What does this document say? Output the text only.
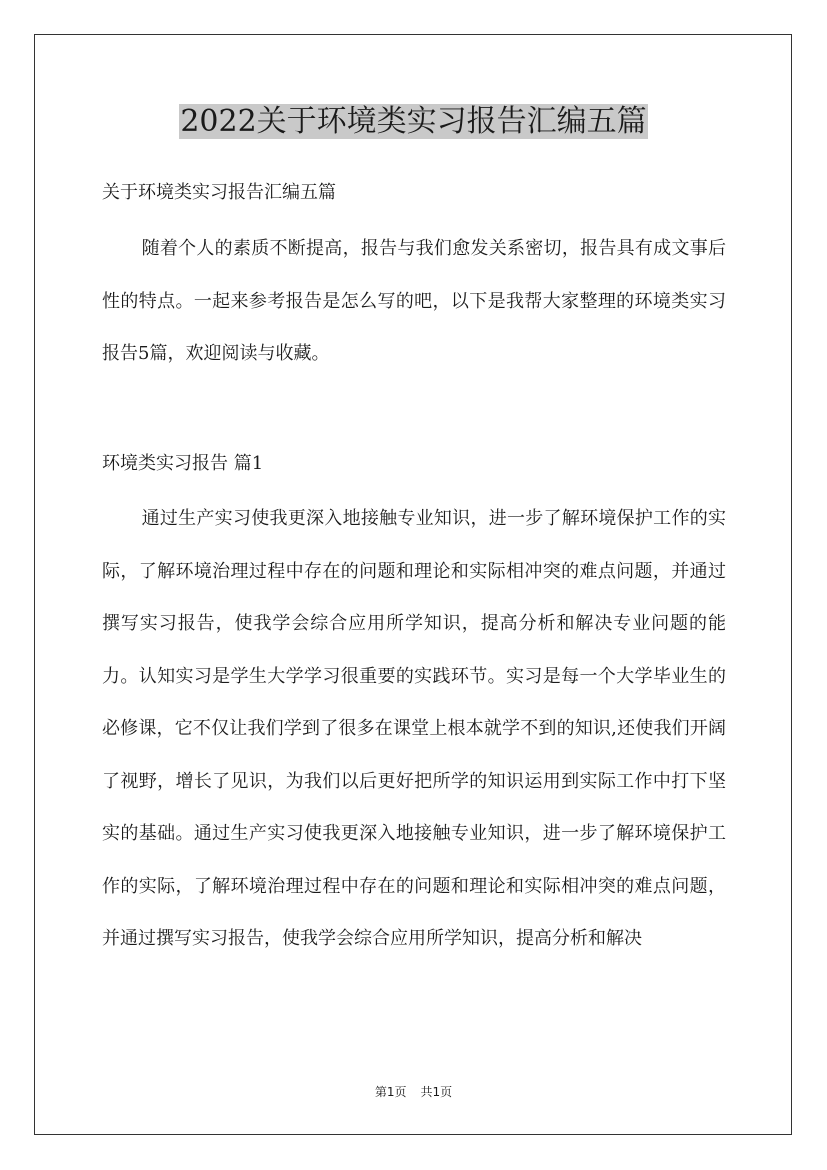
2022关于环境类实习报告汇编五篇
关于环境类实习报告汇编五篇

随着个人的素质不断提高，报告与我们愈发关系密切，报告具有成文事后性的特点。一起来参考报告是怎么写的吧，以下是我帮大家整理的环境类实习报告5篇，欢迎阅读与收藏。

环境类实习报告 篇1

通过生产实习使我更深入地接触专业知识，进一步了解环境保护工作的实际，了解环境治理过程中存在的问题和理论和实际相冲突的难点问题，并通过撰写实习报告，使我学会综合应用所学知识，提高分析和解决专业问题的能力。认知实习是学生大学学习很重要的实践环节。实习是每一个大学毕业生的必修课，它不仅让我们学到了很多在课堂上根本就学不到的知识,还使我们开阔了视野，增长了见识，为我们以后更好把所学的知识运用到实际工作中打下坚实的基础。通过生产实习使我更深入地接触专业知识，进一步了解环境保护工作的实际，了解环境治理过程中存在的问题和理论和实际相冲突的难点问题，并通过撰写实习报告，使我学会综合应用所学知识，提高分析和解决

第1页 共1页
